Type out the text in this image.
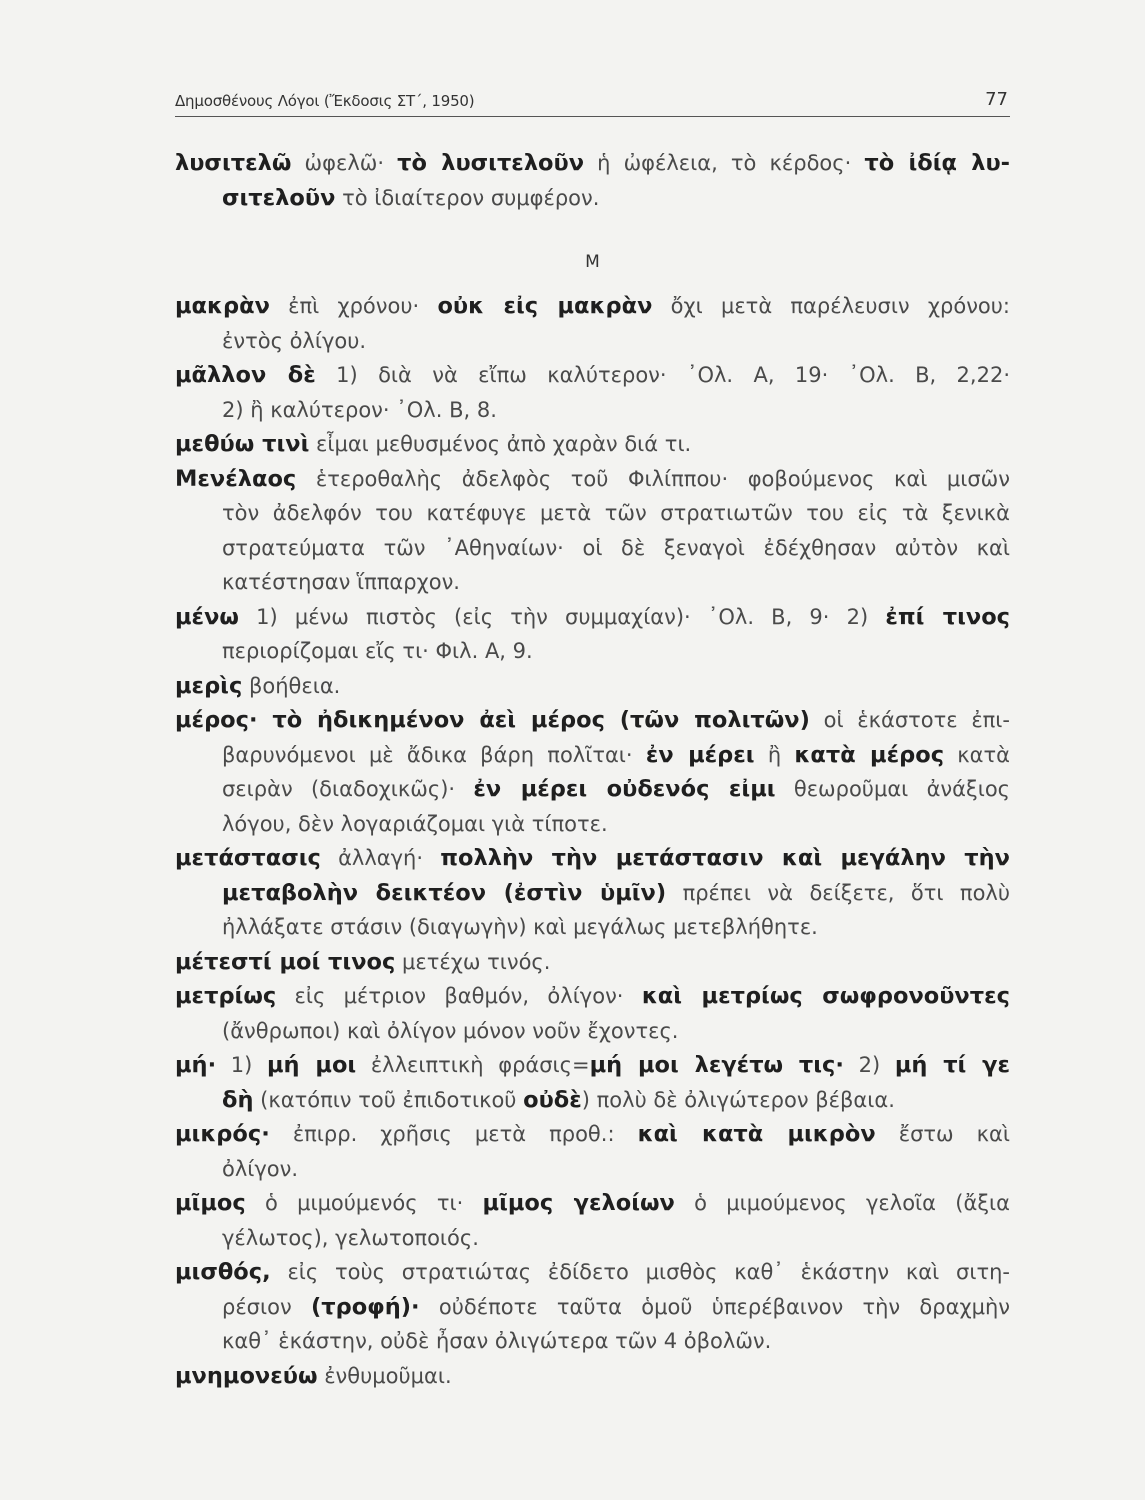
Δημοσθένους Λόγοι (Ἔκδοσις ΣΤ΄, 1950)	77
λυσιτελῶ ὠφελῶ· τὸ λυσιτελοῦν ἡ ὠφέλεια, τὸ κέρδος· τὸ ἰδίᾳ λυ-
σιτελοῦν τὸ ἰδιαίτερον συμφέρον.
Μ
μακρὰν ἐπὶ χρόνου· οὐκ εἰς μακρὰν ὄχι μετὰ παρέλευσιν χρόνου:
ἐντὸς ὀλίγου.
μᾶλλον δὲ 1) διὰ νὰ εἴπω καλύτερον· ᾿Ολ. Α, 19· ᾿Ολ. Β, 2,22·
2) ἢ καλύτερον· ᾿Ολ. Β, 8.
μεθύω τινὶ εἶμαι μεθυσμένος ἀπὸ χαρὰν διά τι.
Μενέλαος ἑτεροθαλὴς ἀδελφὸς τοῦ Φιλίππου· φοβούμενος καὶ μισῶν
τὸν ἀδελφόν του κατέφυγε μετὰ τῶν στρατιωτῶν του εἰς τὰ ξενικὰ
στρατεύματα τῶν ᾿Αθηναίων· οἱ δὲ ξεναγοὶ ἐδέχθησαν αὐτὸν καὶ
κατέστησαν ἵππαρχον.
μένω 1) μένω πιστὸς (εἰς τὴν συμμαχίαν)· ᾿Ολ. Β, 9· 2) ἐπί τινος
περιορίζομαι εἴς τι· Φιλ. Α, 9.
μερὶς βοήθεια.
μέρος· τὸ ἠδικημένον ἀεὶ μέρος (τῶν πολιτῶν) οἱ ἑκάστοτε ἐπι-
βαρυνόμενοι μὲ ἄδικα βάρη πολῖται· ἐν μέρει ἢ κατὰ μέρος κατὰ
σειρὰν (διαδοχικῶς)· ἐν μέρει οὐδενός εἰμι θεωροῦμαι ἀνάξιος
λόγου, δὲν λογαριάζομαι γιὰ τίποτε.
μετάστασις ἀλλαγή· πολλὴν τὴν μετάστασιν καὶ μεγάλην τὴν
μεταβολὴν δεικτέον (ἐστὶν ὑμῖν) πρέπει νὰ δείξετε, ὅτι πολὺ
ἠλλάξατε στάσιν (διαγωγὴν) καὶ μεγάλως μετεβλήθητε.
μέτεστί μοί τινος μετέχω τινός.
μετρίως εἰς μέτριον βαθμόν, ὀλίγον· καὶ μετρίως σωφρονοῦντες
(ἄνθρωποι) καὶ ὀλίγον μόνον νοῦν ἔχοντες.
μή· 1) μή μοι ἐλλειπτικὴ φράσις=μή μοι λεγέτω τις· 2) μή τί γε
δὴ (κατόπιν τοῦ ἐπιδοτικοῦ οὐδὲ) πολὺ δὲ ὀλιγώτερον βέβαια.
μικρός· ἐπιρρ. χρῆσις μετὰ προθ.: καὶ κατὰ μικρὸν ἔστω καὶ
ὀλίγον.
μῖμος ὁ μιμούμενός τι· μῖμος γελοίων ὁ μιμούμενος γελοῖα (ἄξια
γέλωτος), γελωτοποιός.
μισθός, εἰς τοὺς στρατιώτας ἐδίδετο μισθὸς καθ᾿ ἑκάστην καὶ σιτη-
ρέσιον (τροφή)· οὐδέποτε ταῦτα ὁμοῦ ὑπερέβαινον τὴν δραχμὴν
καθ᾿ ἑκάστην, οὐδὲ ἦσαν ὀλιγώτερα τῶν 4 ὀβολῶν.
μνημονεύω ἐνθυμοῦμαι.
